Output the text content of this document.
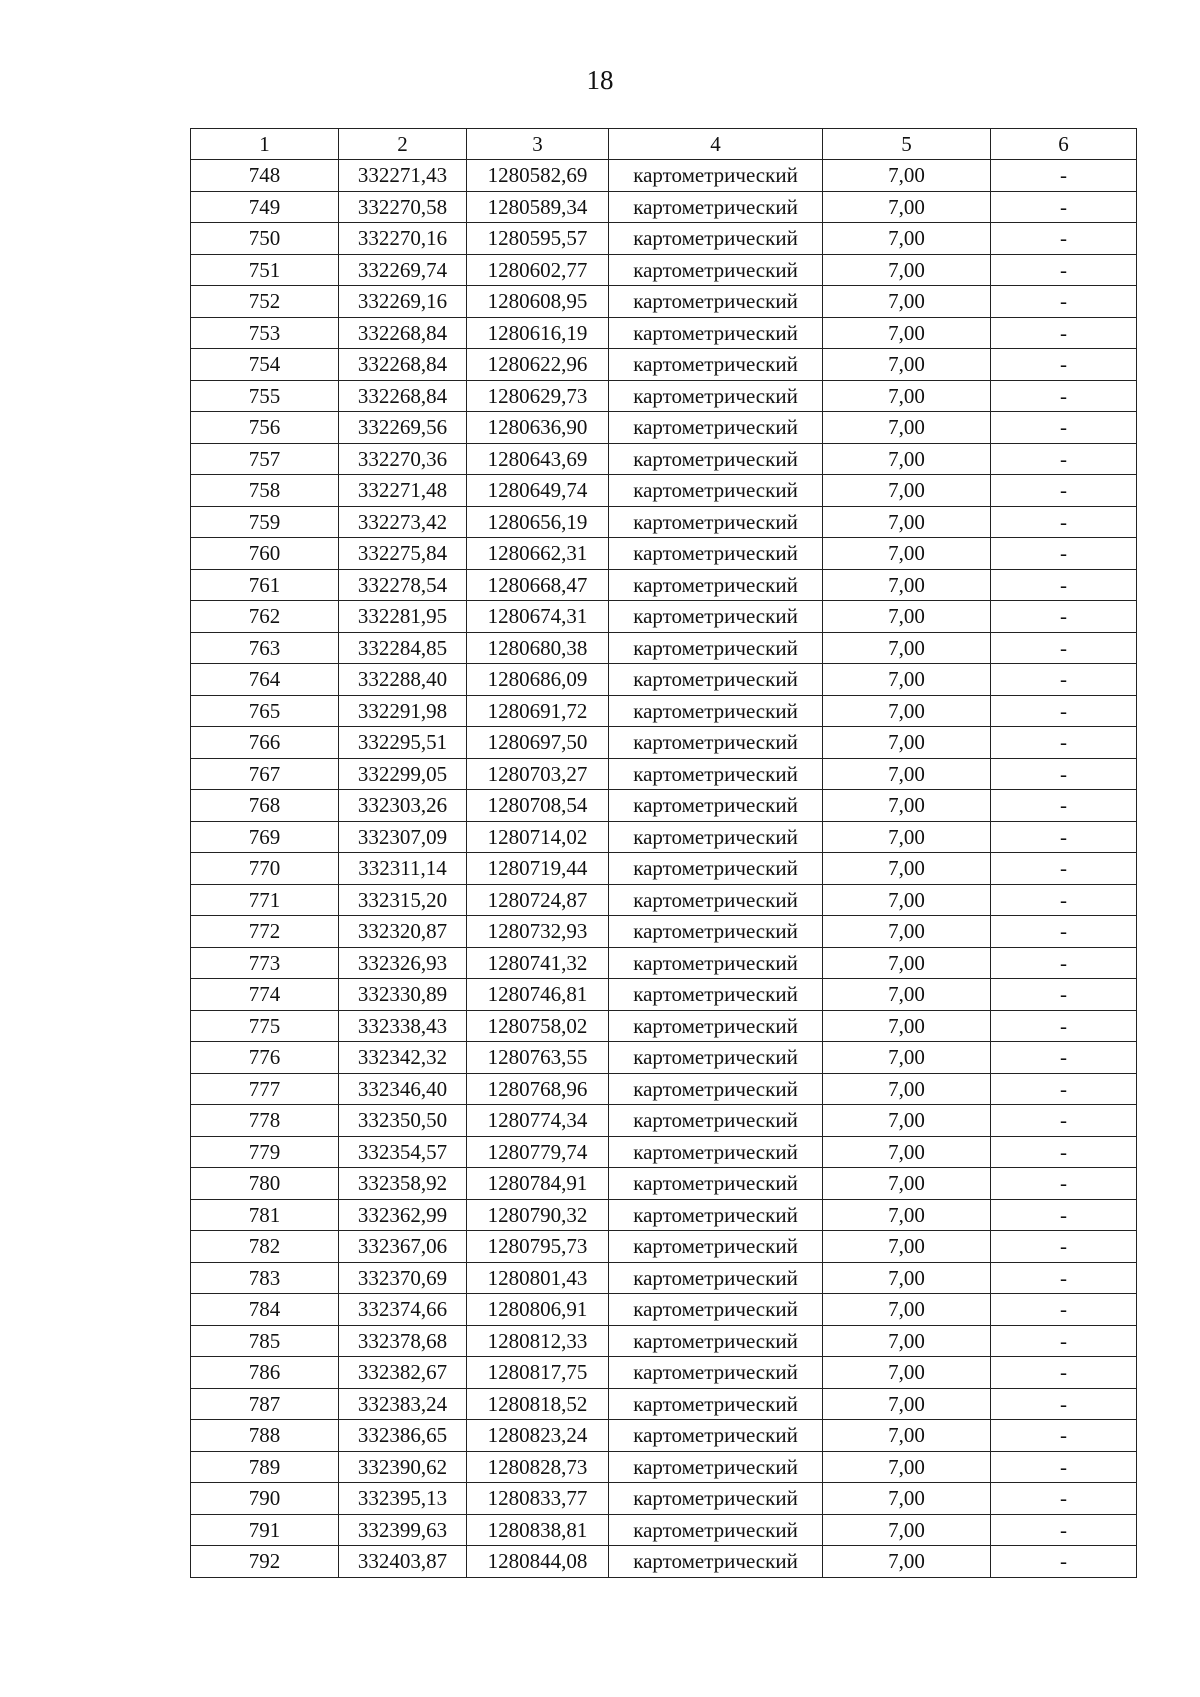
18
1	2	3	4	5	6
748	332271,43	1280582,69	картометрический	7,00	-
749	332270,58	1280589,34	картометрический	7,00	-
750	332270,16	1280595,57	картометрический	7,00	-
751	332269,74	1280602,77	картометрический	7,00	-
752	332269,16	1280608,95	картометрический	7,00	-
753	332268,84	1280616,19	картометрический	7,00	-
754	332268,84	1280622,96	картометрический	7,00	-
755	332268,84	1280629,73	картометрический	7,00	-
756	332269,56	1280636,90	картометрический	7,00	-
757	332270,36	1280643,69	картометрический	7,00	-
758	332271,48	1280649,74	картометрический	7,00	-
759	332273,42	1280656,19	картометрический	7,00	-
760	332275,84	1280662,31	картометрический	7,00	-
761	332278,54	1280668,47	картометрический	7,00	-
762	332281,95	1280674,31	картометрический	7,00	-
763	332284,85	1280680,38	картометрический	7,00	-
764	332288,40	1280686,09	картометрический	7,00	-
765	332291,98	1280691,72	картометрический	7,00	-
766	332295,51	1280697,50	картометрический	7,00	-
767	332299,05	1280703,27	картометрический	7,00	-
768	332303,26	1280708,54	картометрический	7,00	-
769	332307,09	1280714,02	картометрический	7,00	-
770	332311,14	1280719,44	картометрический	7,00	-
771	332315,20	1280724,87	картометрический	7,00	-
772	332320,87	1280732,93	картометрический	7,00	-
773	332326,93	1280741,32	картометрический	7,00	-
774	332330,89	1280746,81	картометрический	7,00	-
775	332338,43	1280758,02	картометрический	7,00	-
776	332342,32	1280763,55	картометрический	7,00	-
777	332346,40	1280768,96	картометрический	7,00	-
778	332350,50	1280774,34	картометрический	7,00	-
779	332354,57	1280779,74	картометрический	7,00	-
780	332358,92	1280784,91	картометрический	7,00	-
781	332362,99	1280790,32	картометрический	7,00	-
782	332367,06	1280795,73	картометрический	7,00	-
783	332370,69	1280801,43	картометрический	7,00	-
784	332374,66	1280806,91	картометрический	7,00	-
785	332378,68	1280812,33	картометрический	7,00	-
786	332382,67	1280817,75	картометрический	7,00	-
787	332383,24	1280818,52	картометрический	7,00	-
788	332386,65	1280823,24	картометрический	7,00	-
789	332390,62	1280828,73	картометрический	7,00	-
790	332395,13	1280833,77	картометрический	7,00	-
791	332399,63	1280838,81	картометрический	7,00	-
792	332403,87	1280844,08	картометрический	7,00	-
